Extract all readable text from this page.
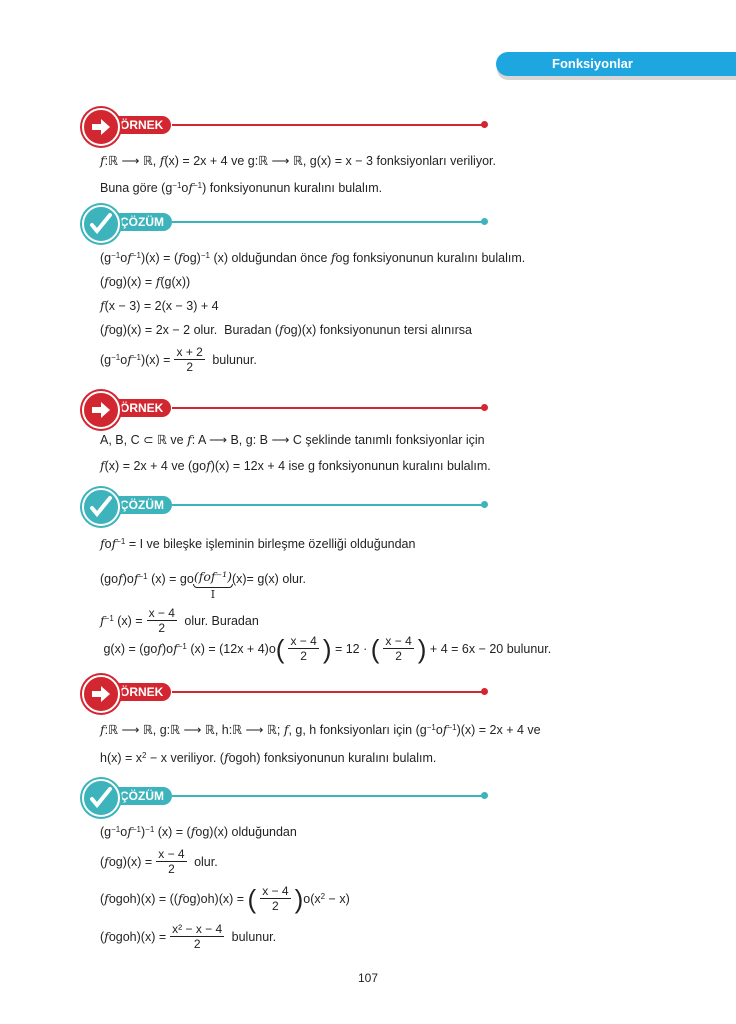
Fonksiyonlar
ÖRNEK
f :ℝ ⟶ ℝ, f (x) = 2x + 4 ve g:ℝ ⟶ ℝ, g(x) = x − 3 fonksiyonları veriliyor.
Buna göre ($g^{-1}$ o $f^{-1}$ ) fonksiyonunun kuralını bulalım.
ÇÖZÜM
($g^{-1}$ o $f^{-1}$ )(x) = ( f og)$^{-1}$ (x) olduğundan önce f og fonksiyonunun kuralını bulalım.
( f og)(x) = f (g(x))
f (x − 3) = 2(x − 3) + 4
( f og)(x) = 2x − 2 olur.  Buradan ( f og)(x) fonksiyonunun tersi alınırsa
($g^{-1}$ o $f^{-1}$ )$(x) = \frac{x + 2}{2}$ bulunur.
ÖRNEK
A, B, C ⊂ ℝ ve f : A ⟶ B, g: B ⟶ C şeklinde tanımlı fonksiyonlar için
f (x) = 2x + 4 ve (go f )(x) = 12x + 4 ise g fonksiyonunun kuralını bulalım.
ÇÖZÜM
f o $f^{-1} = I$ ve bileşke işleminin birleşme özelliği olduğundan
(go f )o $f^{-1}$ (x) = go (fof⁻¹)
I
(x)= g(x) olur.
$f^{-1}$ $(x) = \frac{x - 4}{2}$ olur. Buradan
g(x) = (go f )o $f^{-1}$ (x) = (12x + 4)o ( $\frac{x - 4}{2}$ ) = 12 · ( $\frac{x - 4}{2}$ ) + 4 = 6x − 20 bulunur.
ÖRNEK
f :ℝ ⟶ ℝ, g:ℝ ⟶ ℝ, h:ℝ ⟶ ℝ; f , g, h fonksiyonları için ($g^{-1}$ o $f^{-1}$ )(x) = 2x + 4 ve
$h(x) = x^2 - x$ veriliyor. ( f ogoh) fonksiyonunun kuralını bulalım.
ÇÖZÜM
($g^{-1}$ o $f^{-1}$ )$^{-1}$ (x) = ( f og)(x) olduğundan
( f $og)(x) = \frac{x - 4}{2}$ olur.
( f ogoh)(x) = (( f og)oh)(x) = ( $\frac{x - 4}{2}$ ) $o(x^2 - x)$
( f ogoh)(x) = $\frac{\text{x² − x − 4}}{2}$ bulunur.
107
